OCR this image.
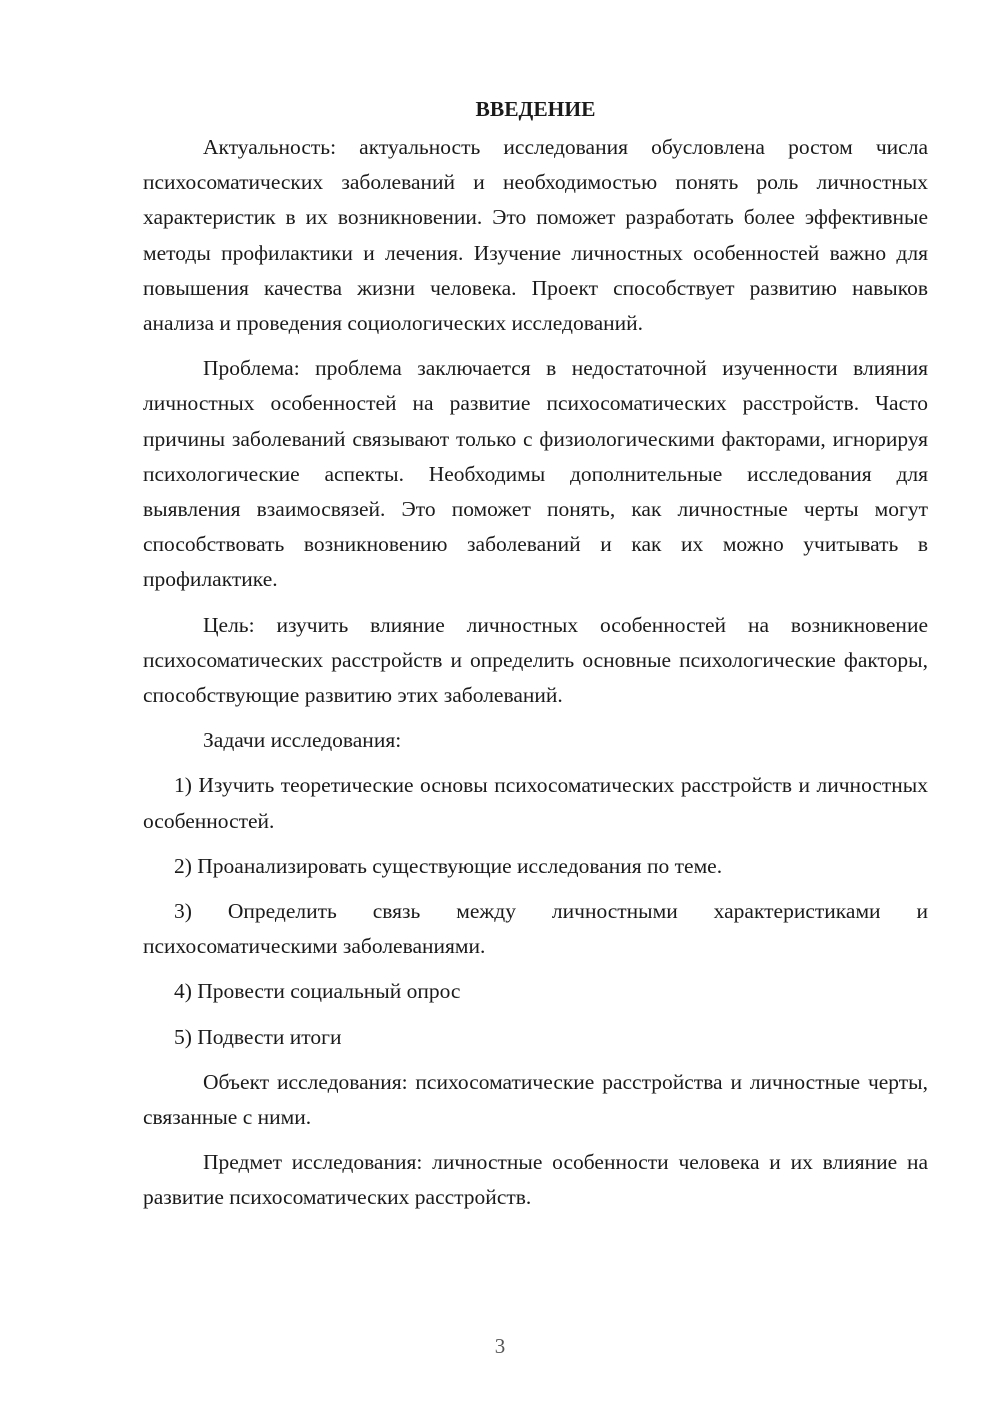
ВВЕДЕНИЕ

Актуальность: актуальность исследования обусловлена ростом числа психосоматических заболеваний и необходимостью понять роль личностных характеристик в их возникновении. Это поможет разработать более эффективные методы профилактики и лечения. Изучение личностных особенностей важно для повышения качества жизни человека. Проект способствует развитию навыков анализа и проведения социологических исследований.

Проблема: проблема заключается в недостаточной изученности влияния личностных особенностей на развитие психосоматических расстройств. Часто причины заболеваний связывают только с физиологическими факторами, игнорируя психологические аспекты. Необходимы дополнительные исследования для выявления взаимосвязей. Это поможет понять, как личностные черты могут способствовать возникновению заболеваний и как их можно учитывать в профилактике.

Цель: изучить влияние личностных особенностей на возникновение психосоматических расстройств и определить основные психологические факторы, способствующие развитию этих заболеваний.

Задачи исследования:

1) Изучить теоретические основы психосоматических расстройств и личностных особенностей.

2) Проанализировать существующие исследования по теме.

3) Определить связь между личностными характеристиками и психосоматическими заболеваниями.

4) Провести социальный опрос

5) Подвести итоги

Объект исследования: психосоматические расстройства и личностные черты, связанные с ними.

Предмет исследования: личностные особенности человека и их влияние на развитие психосоматических расстройств.

3
